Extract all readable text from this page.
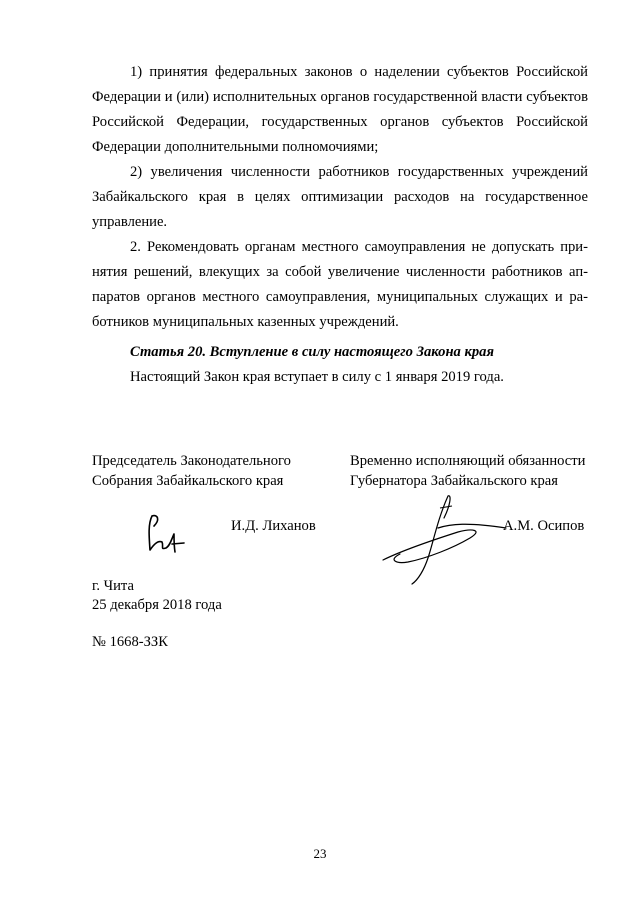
1) принятия федеральных законов о наделении субъектов Российской Федерации и (или) исполнительных органов государственной власти субъектов Российской Федерации, государственных органов субъектов Российской Федерации дополнительными полномочиями;

2) увеличения численности работников государственных учреждений Забайкальского края в целях оптимизации расходов на государственное управление.

2. Рекомендовать органам местного самоуправления не допускать принятия решений, влекущих за собой увеличение численности работников аппаратов органов местного самоуправления, муниципальных служащих и работников муниципальных казенных учреждений.

Статья 20. Вступление в силу настоящего Закона края

Настоящий Закон края вступает в силу с 1 января 2019 года.

Председатель Законодательного
Собрания Забайкальского края
Временно исполняющий обязанности
Губернатора Забайкальского края
И.Д. Лиханов	А.М. Осипов
г. Чита
25 декабря 2018 года
№ 1668-ЗЗК
23
